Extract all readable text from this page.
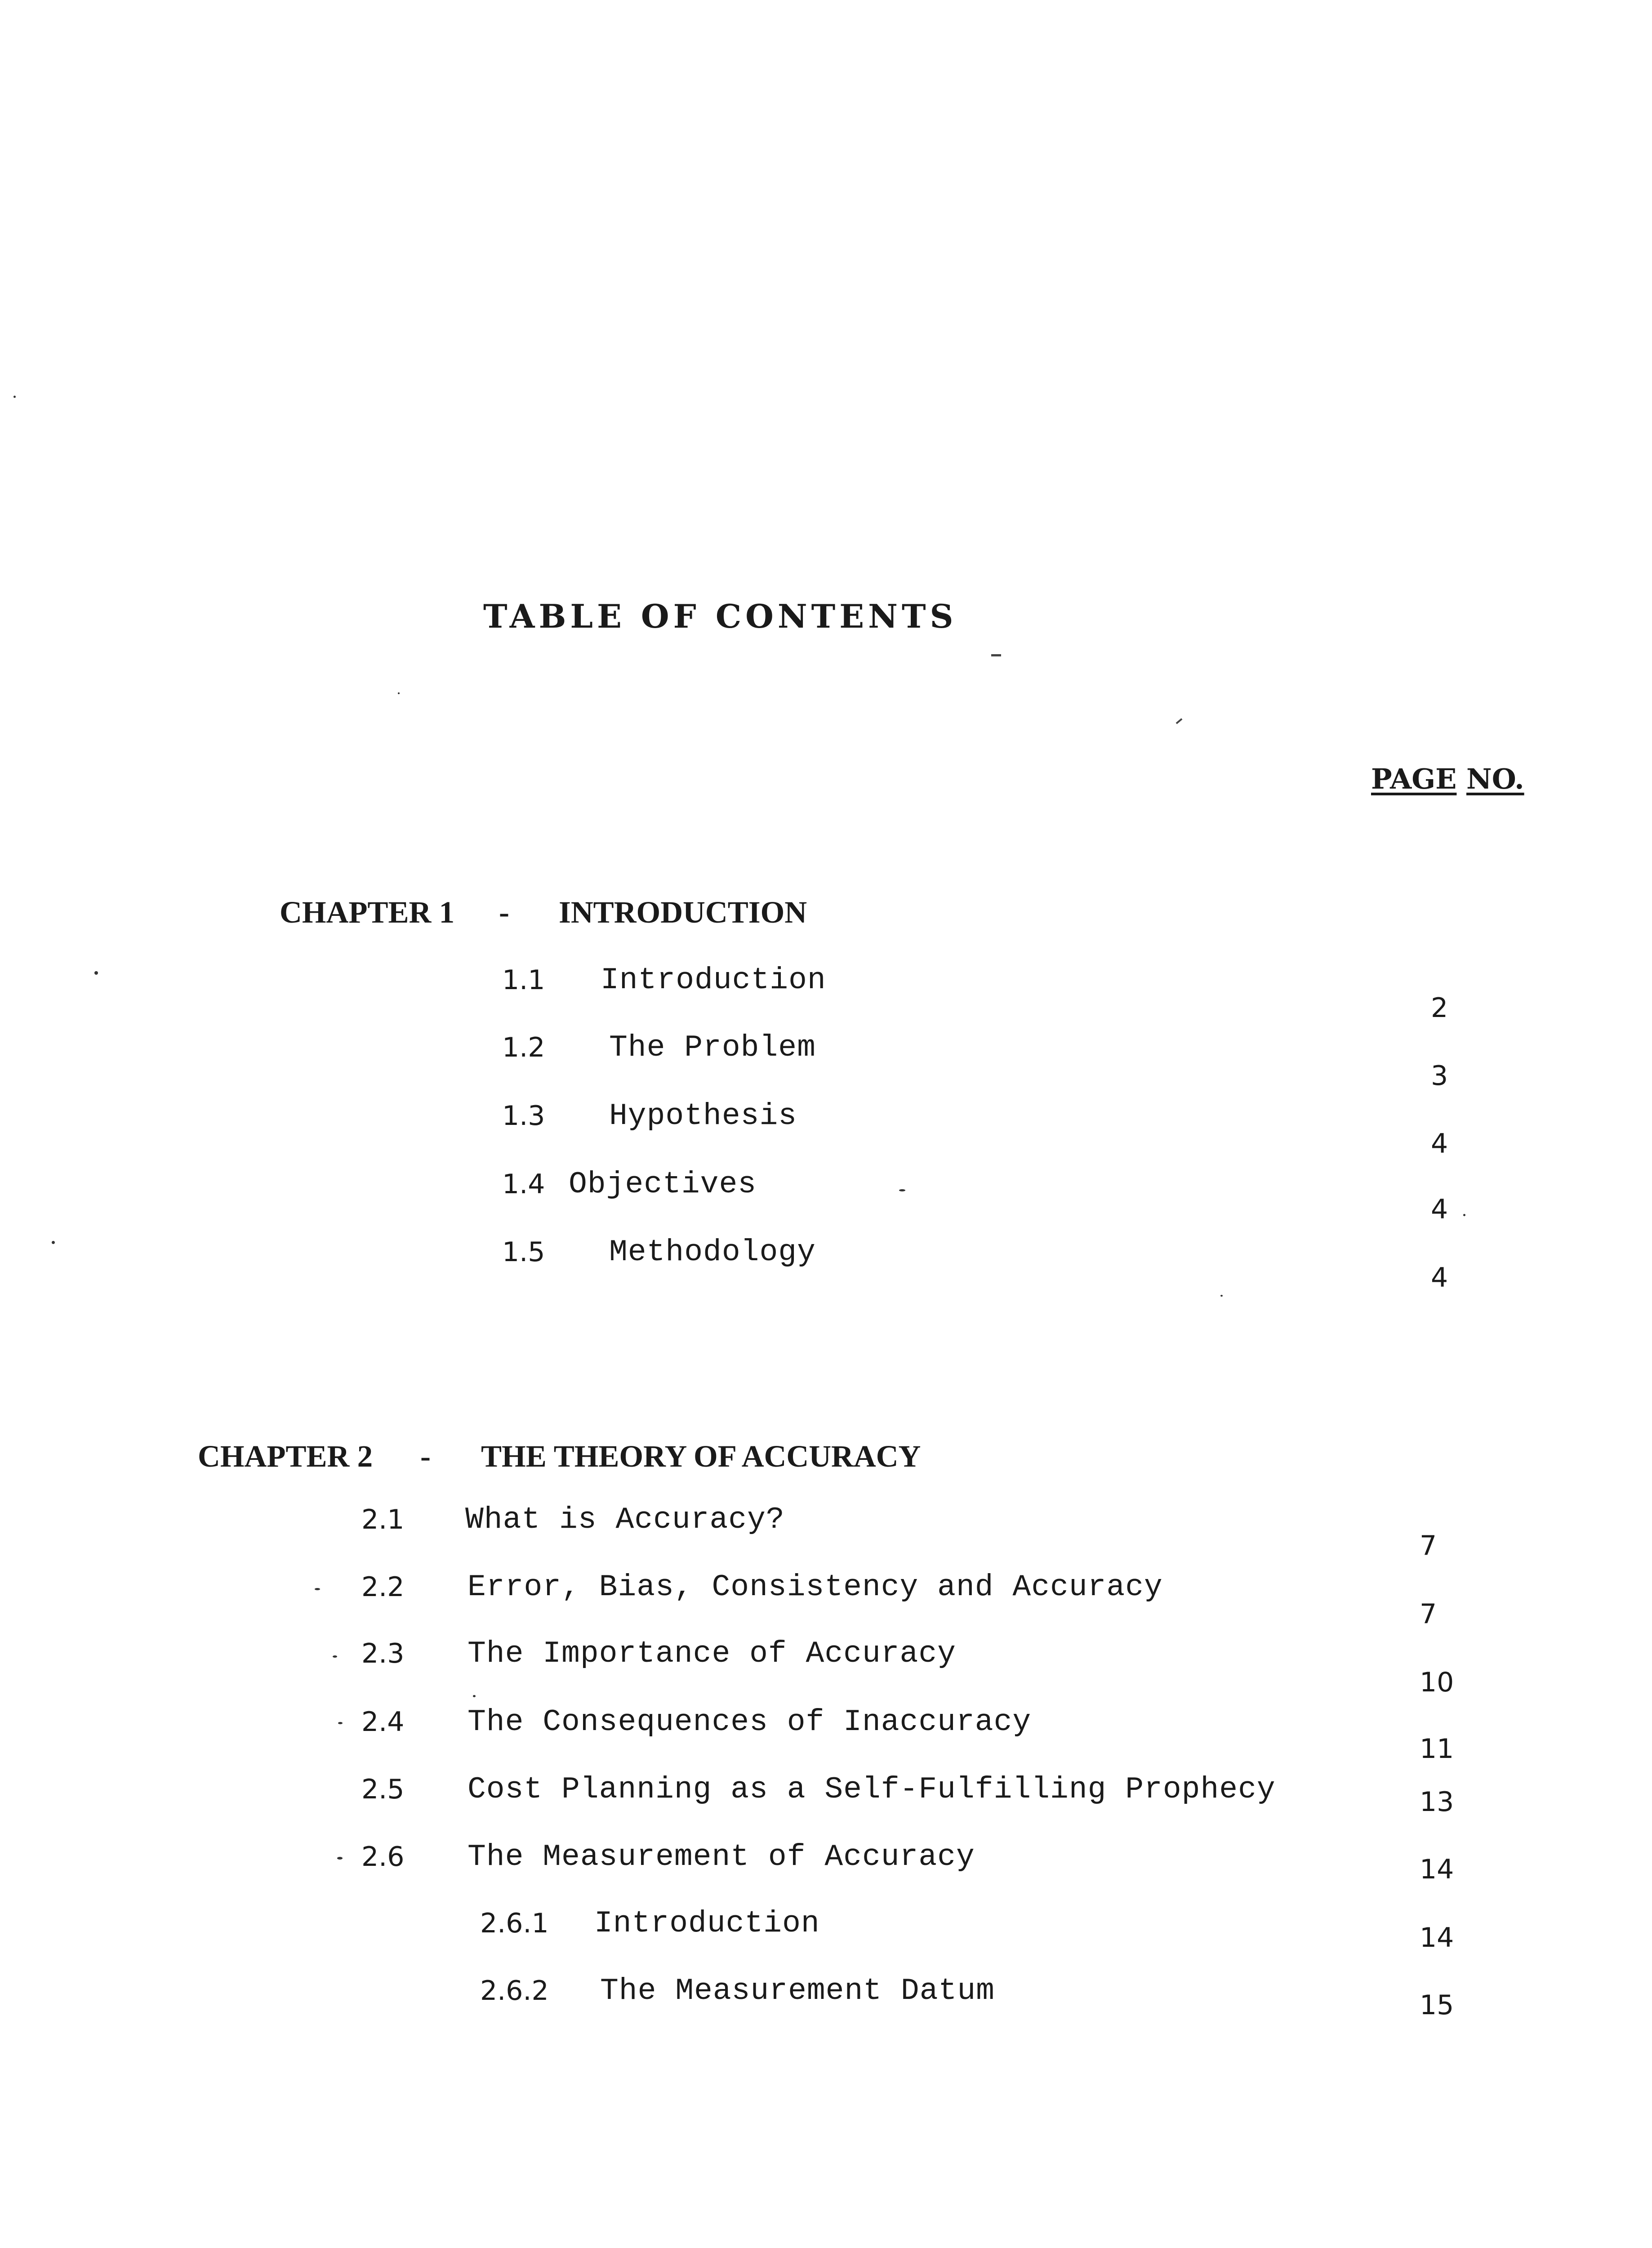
TABLE OF CONTENTS
PAGE NO.
CHAPTER 1 - INTRODUCTION
1.1 Introduction
1.2 The Problem
1.3 Hypothesis
1.4 Objectives
1.5 Methodology
2
3
4
4
4
CHAPTER 2 - THE THEORY OF ACCURACY
2.1 What is Accuracy?
2.2 Error, Bias, Consistency and Accuracy
2.3 The Importance of Accuracy
2.4 The Consequences of Inaccuracy
2.5 Cost Planning as a Self-Fulfilling Prophecy
2.6 The Measurement of Accuracy
2.6.1 Introduction
2.6.2 The Measurement Datum
7
7
10
11
13
14
14
15
